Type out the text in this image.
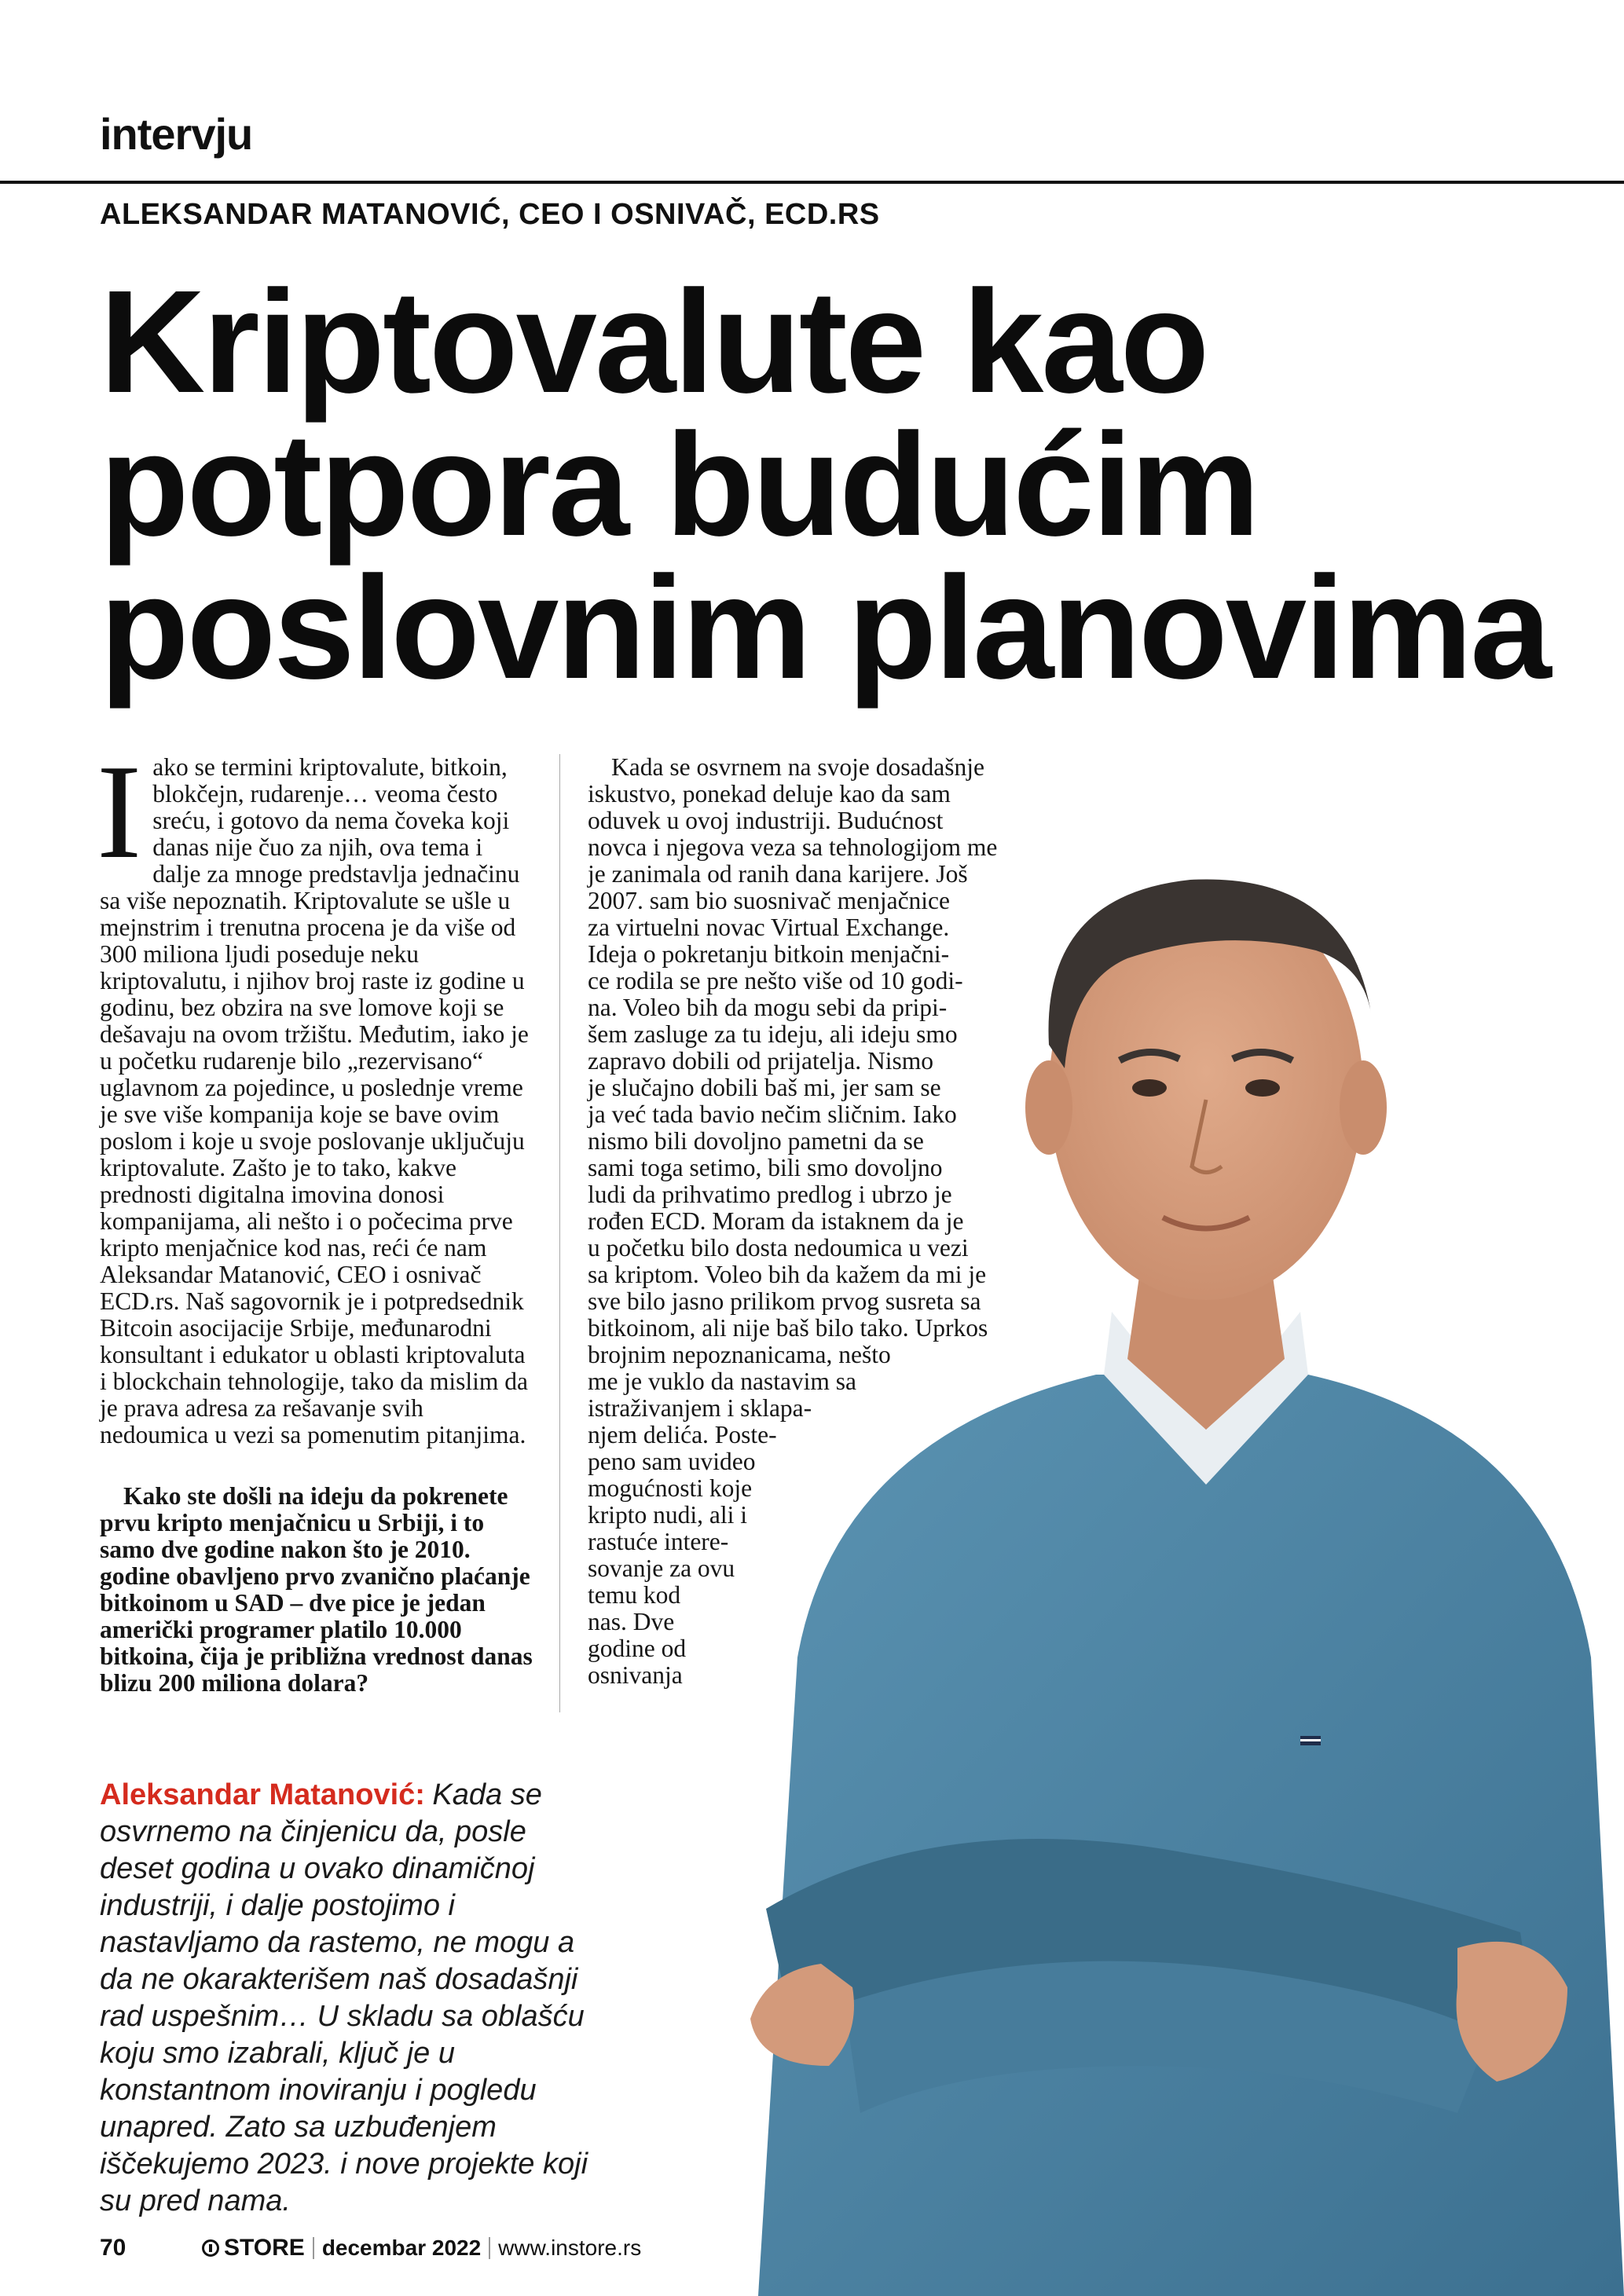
intervju
ALEKSANDAR MATANOVIĆ, CEO I OSNIVAČ, ECD.RS
Kriptovalute kao potpora budućim poslovnim planovima

Iako se termini kriptovalute, bitkoin, blokčejn, rudarenje… veoma često sreću, i gotovo da nema čoveka koji danas nije čuo za njih, ova tema i dalje za mnoge predstavlja jednačinu sa više nepoznatih. Kriptovalute se ušle u mejnstrim i trenutna procena je da više od 300 miliona ljudi poseduje neku kriptovalutu, i njihov broj raste iz godine u godinu, bez obzira na sve lomove koji se dešavaju na ovom tržištu. Međutim, iako je u početku rudarenje bilo „rezervisano“ uglavnom za pojedince, u poslednje vreme je sve više kompanija koje se bave ovim poslom i koje u svoje poslovanje uključuju kriptovalute. Zašto je to tako, kakve prednosti digitalna imovina donosi kompanijama, ali nešto i o počecima prve kripto menjačnice kod nas, reći će nam Aleksandar Matanović, CEO i osnivač ECD.rs. Naš sagovornik je i potpredsednik Bitcoin asocijacije Srbije, međunarodni konsultant i edukator u oblasti kriptovaluta i blockchain tehnologije, tako da mislim da je prava adresa za rešavanje svih nedoumica u vezi sa pomenutim pitanjima.

Kako ste došli na ideju da pokrenete prvu kripto menjačnicu u Srbiji, i to samo dve godine nakon što je 2010. godine obavljeno prvo zvanično plaćanje bitkoinom u SAD – dve pice je jedan američki programer platilo 10.000 bitkoina, čija je približna vrednost danas blizu 200 miliona dolara?

Kada se osvrnem na svoje dosadašnje
iskustvo, ponekad deluje kao da sam
oduvek u ovoj industriji. Budućnost
novca i njegova veza sa tehnologijom me
je zanimala od ranih dana karijere. Još
2007. sam bio suosnivač menjačnice
za virtuelni novac Virtual Exchange.
Ideja o pokretanju bitkoin menjačni-
ce rodila se pre nešto više od 10 godi-
na. Voleo bih da mogu sebi da pripi-
šem zasluge za tu ideju, ali ideju smo
zapravo dobili od prijatelja. Nismo
je slučajno dobili baš mi, jer sam se
ja već tada bavio nečim sličnim. Iako
nismo bili dovoljno pametni da se
sami toga setimo, bili smo dovoljno
ludi da prihvatimo predlog i ubrzo je
rođen ECD. Moram da istaknem da je
u početku bilo dosta nedoumica u vezi
sa kriptom. Voleo bih da kažem da mi je
sve bilo jasno prilikom prvog susreta sa
bitkoinom, ali nije baš bilo tako. Uprkos
brojnim nepoznanicama, nešto
me je vuklo da nastavim sa
istraživanjem i sklapa-
njem delića. Poste-
peno sam uvideo
mogućnosti koje
kripto nudi, ali i
rastuće intere-
sovanje za ovu
temu kod
nas. Dve
godine od
osnivanja

Aleksandar Matanović: Kada se osvrnemo na činjenicu da, posle deset godina u ovako dinamičnoj industriji, i dalje postojimo i nastavljamo da rastemo, ne mogu a da ne okarakterišem naš dosadašnji rad uspešnim… U skladu sa oblašću koju smo izabrali, ključ je u konstantnom inoviranju i pogledu unapred. Zato sa uzbuđenjem iščekujemo 2023. i nove projekte koji su pred nama.

70	STORE decembar 2022 www.instore.rs
